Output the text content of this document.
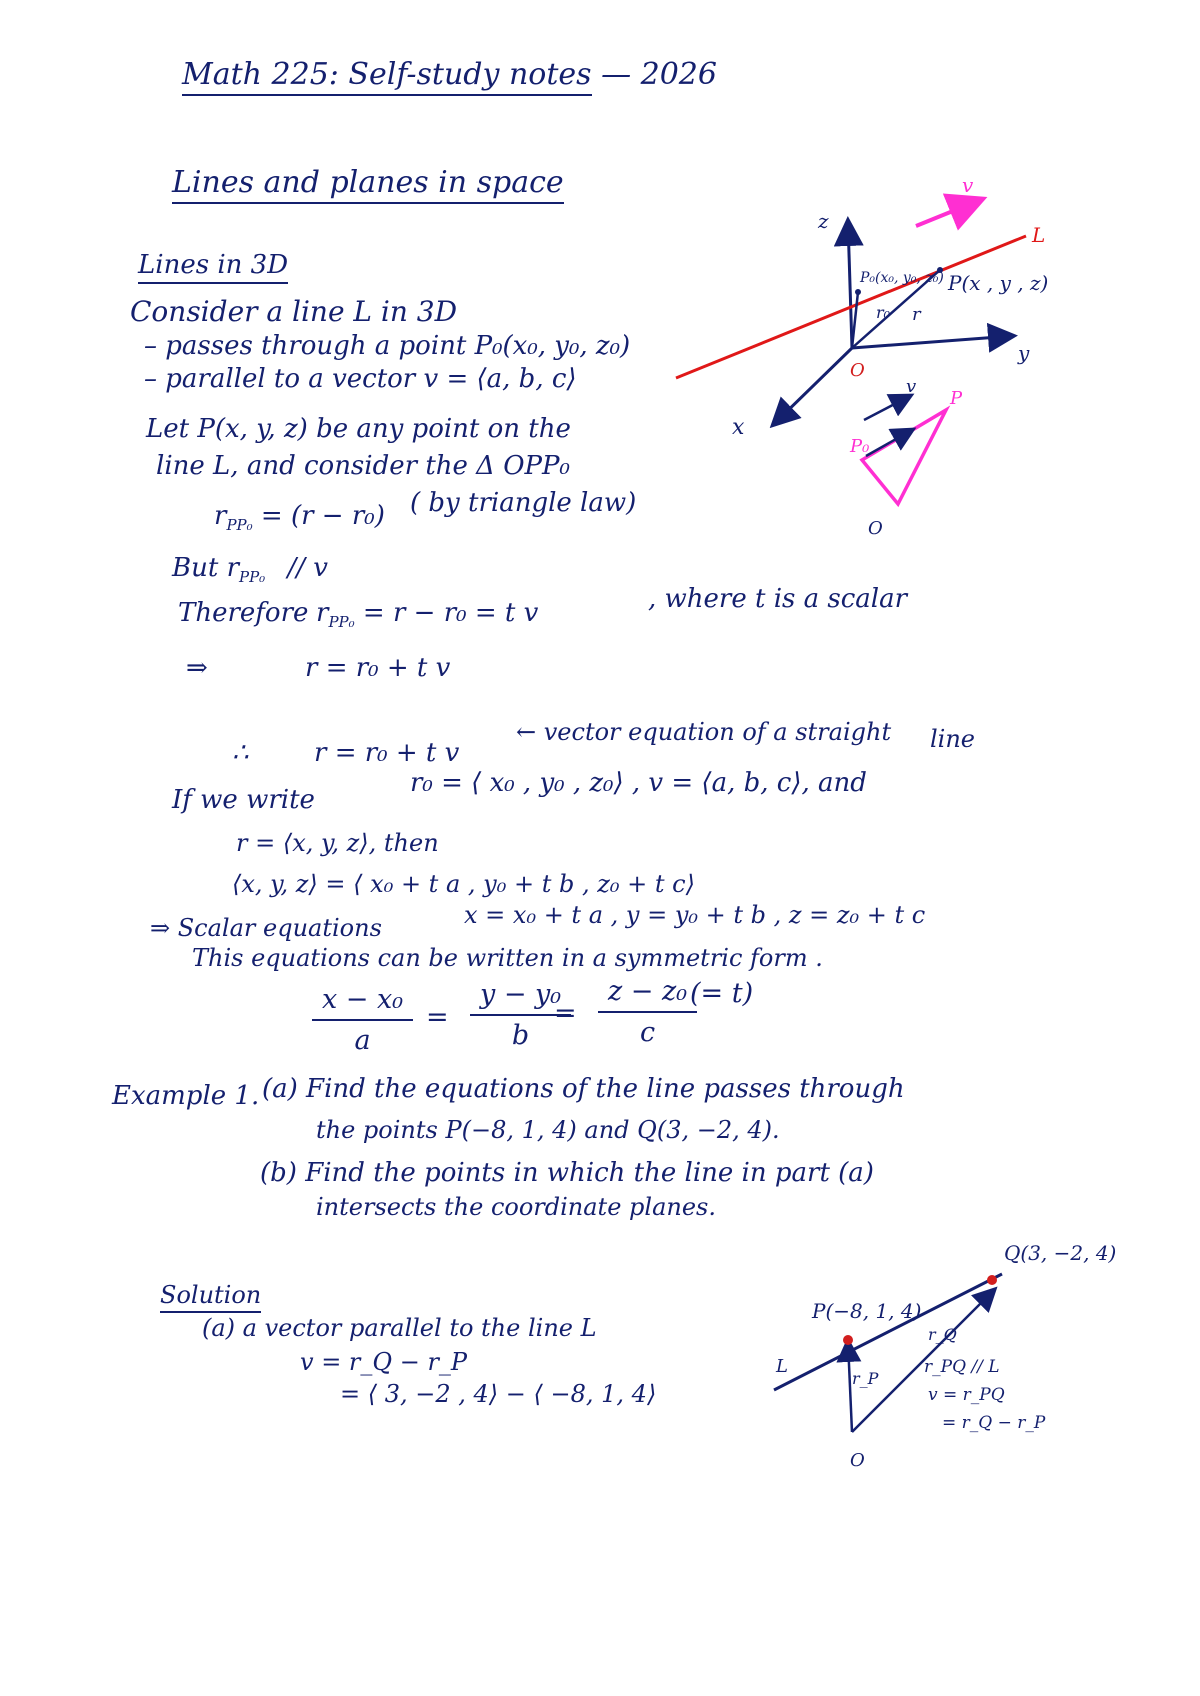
Math 225: Self-study notes — 2026
Lines and planes in space
Lines in 3D
Consider a line L in 3D
– passes through a point P₀(x₀, y₀, z₀)
– parallel to a vector v = ⟨a, b, c⟩
Let P(x, y, z) be any point on the
line L, and consider the Δ OPP₀
$r_{PP_0} = (r - r_0)$ ( by triangle law)
But $r_{PP_0}$ // v
Therefore $r_{PP_0} = r - r_0 = t$ v	, where t is a scalar
⇒	r = r₀ + t v
∴	r = r₀ + t v
← vector equation of a straight line
If we write
r₀ = ⟨ x₀ , y₀ , z₀⟩ , v = ⟨a, b, c⟩, and
r = ⟨x, y, z⟩, then
⟨x, y, z⟩ = ⟨ x₀ + t a , y₀ + t b , z₀ + t c⟩
⇒ Scalar equations	x = x₀ + t a , y = y₀ + t b , z = z₀ + t c
This equations can be written in a symmetric form .
$\frac{\text{x − x₀}}{a} = \frac{\text{y − y₀}}{b}$
= $\frac{\text{z − z₀}}{c}$
(= t)
Example 1. (a) Find the equations of the line passes through
the points P(−8, 1, 4) and Q(3, −2, 4).
(b) Find the points in which the line in part (a)
intersects the coordinate planes.
Solution
(a) a vector parallel to the line L
v = r_Q − r_P
= ⟨ 3, −2 , 4⟩ − ⟨ −8, 1, 4⟩
z
y
x
O
L
v
P₀(x₀, y₀, z₀) P(x , y , z)
r₀ r
v
P₀
P
O
Q(3, −2, 4)
P(−8, 1, 4)
L
O
r_P
r_Q
r_PQ // L
v = r_PQ
= r_Q − r_P
